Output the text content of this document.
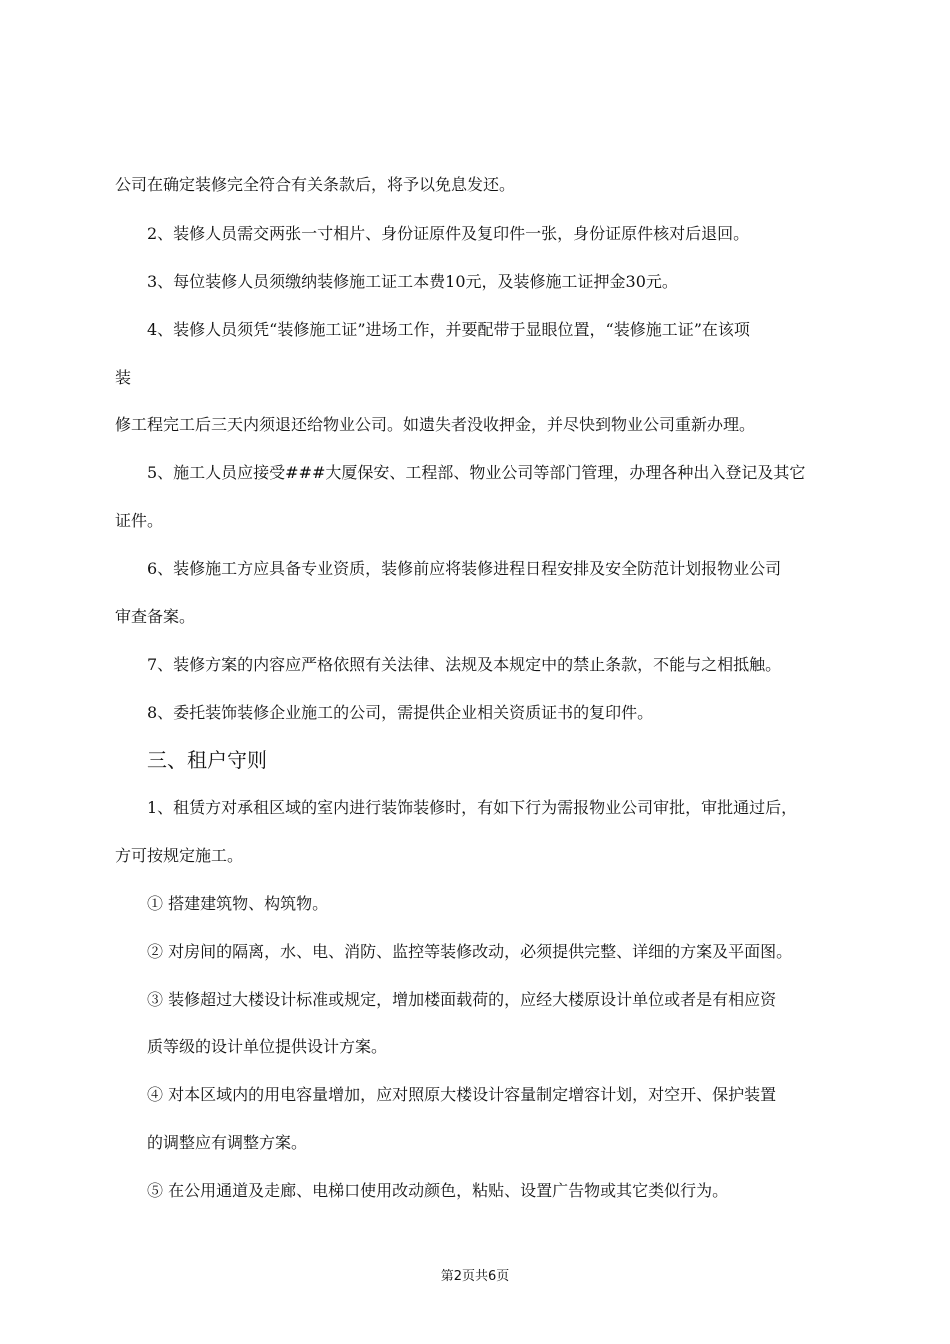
公司在确定装修完全符合有关条款后，将予以免息发还。
2、装修人员需交两张一寸相片、身份证原件及复印件一张，身份证原件核对后退回。
3、每位装修人员须缴纳装修施工证工本费10元，及装修施工证押金30元。
4、装修人员须凭“装修施工证”进场工作，并要配带于显眼位置，“装修施工证”在该项
装
修工程完工后三天内须退还给物业公司。如遗失者没收押金，并尽快到物业公司重新办理。
5、施工人员应接受###大厦保安、工程部、物业公司等部门管理，办理各种出入登记及其它
证件。
6、装修施工方应具备专业资质，装修前应将装修进程日程安排及安全防范计划报物业公司
审查备案。
7、装修方案的内容应严格依照有关法律、法规及本规定中的禁止条款，不能与之相抵触。
8、委托装饰装修企业施工的公司，需提供企业相关资质证书的复印件。
三、租户守则
1、租赁方对承租区域的室内进行装饰装修时，有如下行为需报物业公司审批，审批通过后，
方可按规定施工。
① 搭建建筑物、构筑物。
② 对房间的隔离，水、电、消防、监控等装修改动，必须提供完整、详细的方案及平面图。
③ 装修超过大楼设计标准或规定，增加楼面载荷的，应经大楼原设计单位或者是有相应资
质等级的设计单位提供设计方案。
④ 对本区域内的用电容量增加，应对照原大楼设计容量制定增容计划，对空开、保护装置
的调整应有调整方案。
⑤ 在公用通道及走廊、电梯口使用改动颜色，粘贴、设置广告物或其它类似行为。
第2页共6页
